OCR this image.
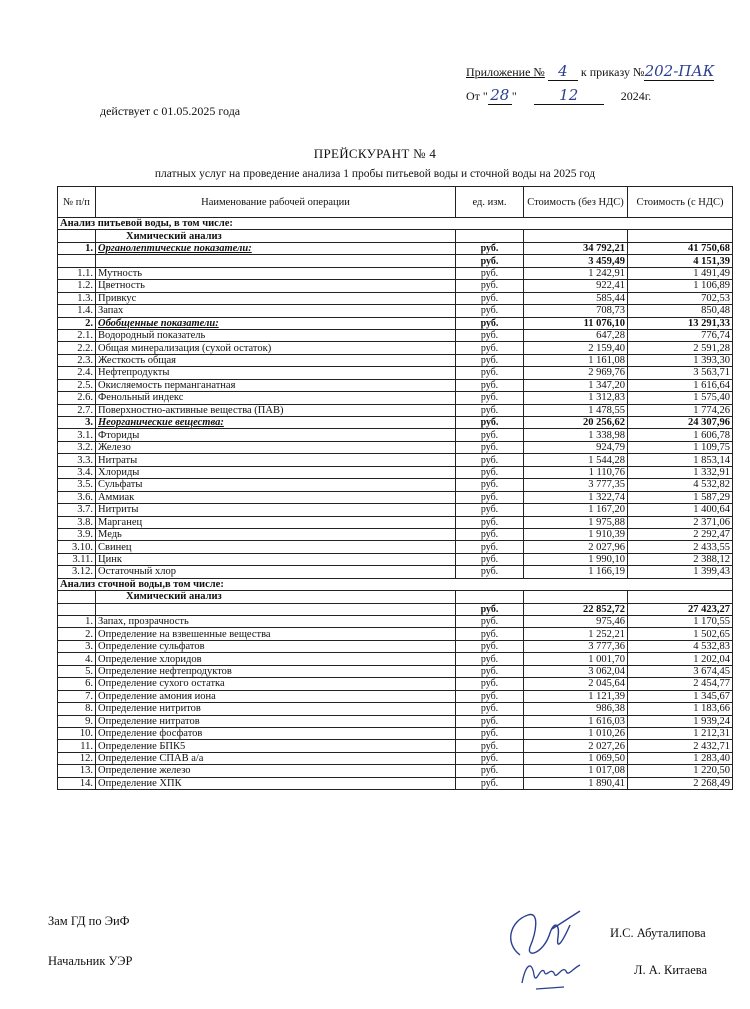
Приложение № 4 к приказу №202-ПАК
От " 28 "	12	2024г.
действует с 01.05.2025 года
ПРЕЙСКУРАНТ № 4
платных услуг на проведение анализа 1 пробы питьевой воды и сточной воды на 2025 год
№ п/п	Наименование рабочей операции	ед. изм.	Стоимость (без НДС)	Стоимость (с НДС)
Анализ питьевой воды, в том числе:				
	Химический анализ			
1.	Органолептические показатели:	руб.	34 792,21	41 750,68
		руб.	3 459,49	4 151,39
1.1.	Мутность	руб.	1 242,91	1 491,49
1.2.	Цветность	руб.	922,41	1 106,89
1.3.	Привкус	руб.	585,44	702,53
1.4.	Запах	руб.	708,73	850,48
2.	Обобщенные показатели:	руб.	11 076,10	13 291,33
2.1.	Водородный показатель	руб.	647,28	776,74
2.2.	Общая минерализация (сухой остаток)	руб.	2 159,40	2 591,28
2.3.	Жесткость общая	руб.	1 161,08	1 393,30
2.4.	Нефтепродукты	руб.	2 969,76	3 563,71
2.5.	Окисляемость перманганатная	руб.	1 347,20	1 616,64
2.6.	Фенольный индекс	руб.	1 312,83	1 575,40
2.7.	Поверхностно-активные вещества (ПАВ)	руб.	1 478,55	1 774,26
3.	Неорганические вещества:	руб.	20 256,62	24 307,96
3.1.	Фториды	руб.	1 338,98	1 606,78
3.2.	Железо	руб.	924,79	1 109,75
3.3.	Нитраты	руб.	1 544,28	1 853,14
3.4.	Хлориды	руб.	1 110,76	1 332,91
3.5.	Сульфаты	руб.	3 777,35	4 532,82
3.6.	Аммиак	руб.	1 322,74	1 587,29
3.7.	Нитриты	руб.	1 167,20	1 400,64
3.8.	Марганец	руб.	1 975,88	2 371,06
3.9.	Медь	руб.	1 910,39	2 292,47
3.10.	Свинец	руб.	2 027,96	2 433,55
3.11.	Цинк	руб.	1 990,10	2 388,12
3.12.	Остаточный хлор	руб.	1 166,19	1 399,43
Анализ сточной воды,в том числе:				
	Химический анализ			
		руб.	22 852,72	27 423,27
1.	Запах, прозрачность	руб.	975,46	1 170,55
2.	Определение на взвешенные вещества	руб.	1 252,21	1 502,65
3.	Определение сульфатов	руб.	3 777,36	4 532,83
4.	Определение хлоридов	руб.	1 001,70	1 202,04
5.	Определение нефтепродуктов	руб.	3 062,04	3 674,45
6.	Определение сухого остатка	руб.	2 045,64	2 454,77
7.	Определение амония иона	руб.	1 121,39	1 345,67
8.	Определение нитритов	руб.	986,38	1 183,66
9.	Определение нитратов	руб.	1 616,03	1 939,24
10.	Определение фосфатов	руб.	1 010,26	1 212,31
11.	Определение БПК5	руб.	2 027,26	2 432,71
12.	Определение СПАВ а/а	руб.	1 069,50	1 283,40
13.	Определение железо	руб.	1 017,08	1 220,50
14.	Определение ХПК	руб.	1 890,41	2 268,49
Зам ГД по ЭиФ
И.С. Абуталипова
Начальник УЭР
Л. А. Китаева
